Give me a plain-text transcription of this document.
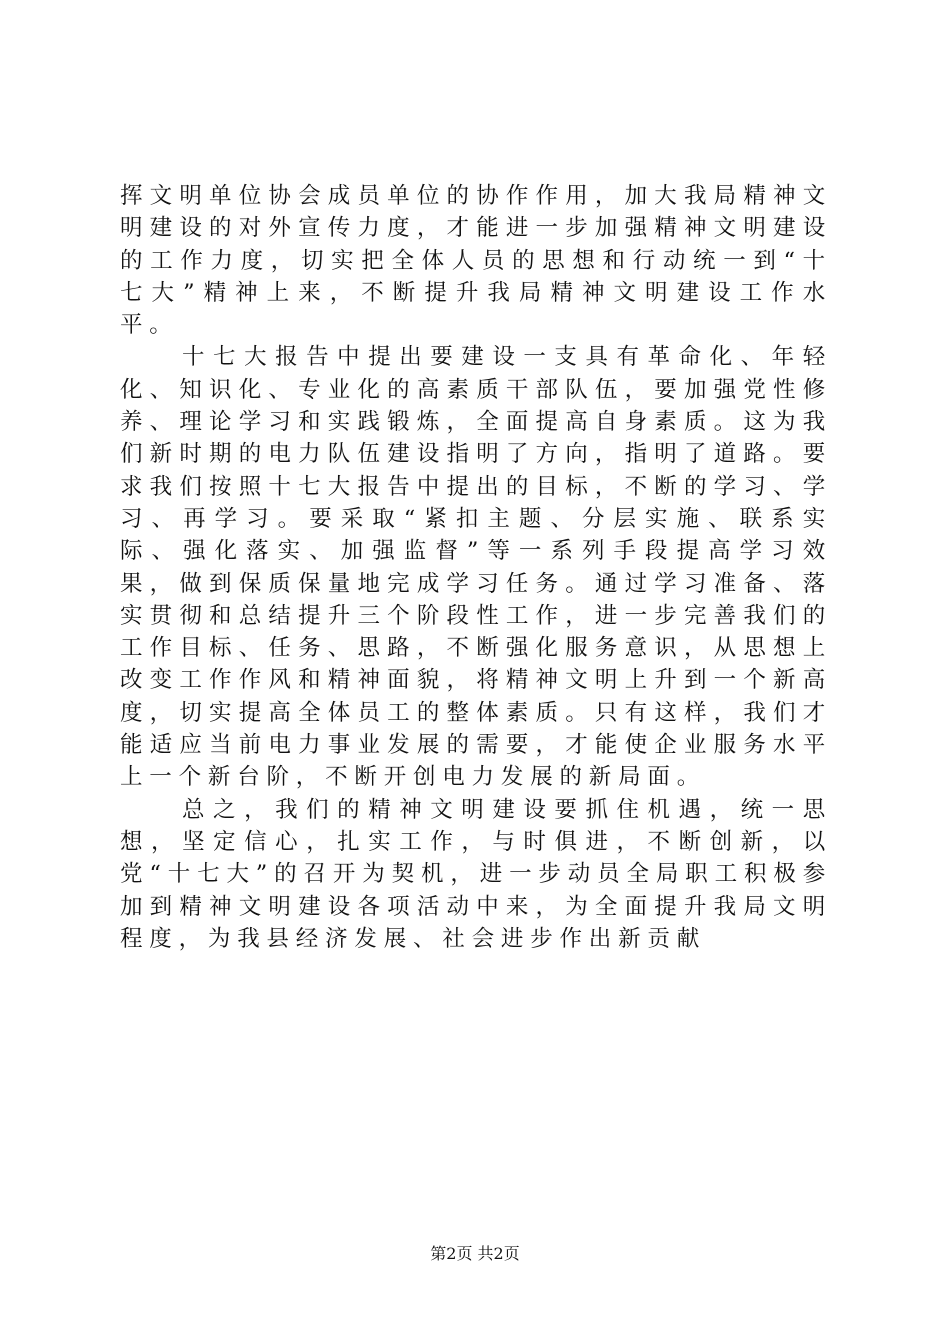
挥文明单位协会成员单位的协作作用，加大我局精神文明建设的对外宣传力度，才能进一步加强精神文明建设的工作力度，切实把全体人员的思想和行动统一到“十七大”精神上来，不断提升我局精神文明建设工作水平。

十七大报告中提出要建设一支具有革命化、年轻化、知识化、专业化的高素质干部队伍，要加强党性修养、理论学习和实践锻炼，全面提高自身素质。这为我们新时期的电力队伍建设指明了方向，指明了道路。要求我们按照十七大报告中提出的目标，不断的学习、学习、再学习。要采取“紧扣主题、分层实施、联系实际、强化落实、加强监督”等一系列手段提高学习效果，做到保质保量地完成学习任务。通过学习准备、落实贯彻和总结提升三个阶段性工作，进一步完善我们的工作目标、任务、思路，不断强化服务意识，从思想上改变工作作风和精神面貌，将精神文明上升到一个新高度，切实提高全体员工的整体素质。只有这样，我们才能适应当前电力事业发展的需要，才能使企业服务水平上一个新台阶，不断开创电力发展的新局面。

总之，我们的精神文明建设要抓住机遇，统一思想，坚定信心，扎实工作，与时俱进，不断创新，以党“十七大”的召开为契机，进一步动员全局职工积极参加到精神文明建设各项活动中来，为全面提升我局文明程度，为我县经济发展、社会进步作出新贡献

第2页 共2页
